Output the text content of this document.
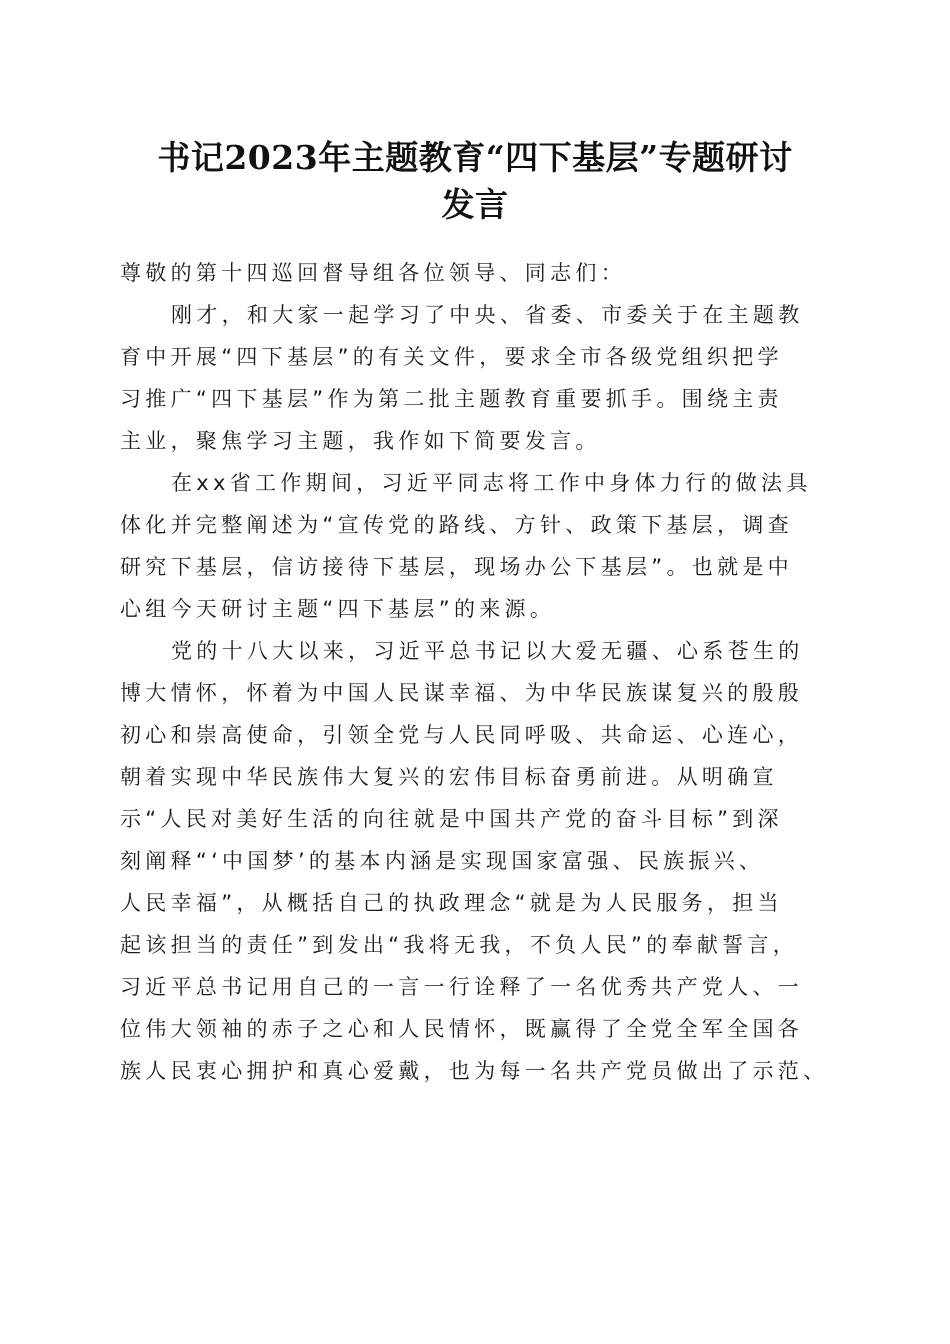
书记2023年主题教育“四下基层”专题研讨
发言
尊敬的第十四巡回督导组各位领导、同志们：
刚才，和大家一起学习了中央、省委、市委关于在主题教
育中开展“四下基层”的有关文件，要求全市各级党组织把学
习推广“四下基层”作为第二批主题教育重要抓手。围绕主责
主业，聚焦学习主题，我作如下简要发言。
在xx省工作期间，习近平同志将工作中身体力行的做法具
体化并完整阐述为“宣传党的路线、方针、政策下基层，调查
研究下基层，信访接待下基层，现场办公下基层”。也就是中
心组今天研讨主题“四下基层”的来源。
党的十八大以来，习近平总书记以大爱无疆、心系苍生的
博大情怀，怀着为中国人民谋幸福、为中华民族谋复兴的殷殷
初心和崇高使命，引领全党与人民同呼吸、共命运、心连心，
朝着实现中华民族伟大复兴的宏伟目标奋勇前进。从明确宣
示“人民对美好生活的向往就是中国共产党的奋斗目标”到深
刻阐释“‘中国梦’的基本内涵是实现国家富强、民族振兴、
人民幸福”，从概括自己的执政理念“就是为人民服务，担当
起该担当的责任”到发出“我将无我，不负人民”的奉献誓言，
习近平总书记用自己的一言一行诠释了一名优秀共产党人、一
位伟大领袖的赤子之心和人民情怀，既赢得了全党全军全国各
族人民衷心拥护和真心爱戴，也为每一名共产党员做出了示范、
